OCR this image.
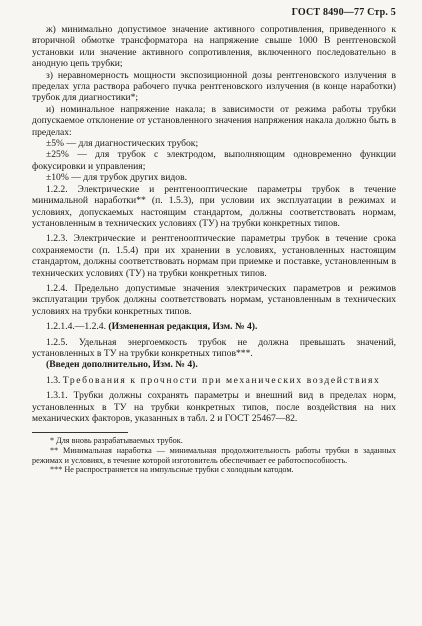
ГОСТ 8490—77 Стр. 5

ж) минимально допустимое значение активного сопротивления, приведенного к вторичной обмотке трансформатора на напряжение свыше 1000 В рентгеновской установки или значение активного сопротивления, включенного последовательно в анодную цепь трубки;

з) неравномерность мощности экспозиционной дозы рентгеновского излучения в пределах угла раствора рабочего пучка рентгеновского излучения (в конце наработки) трубок для диагностики*;

и) номинальное напряжение накала; в зависимости от режима работы трубки допускаемое отклонение от установленного значения напряжения накала должно быть в пределах:

±5% — для диагностических трубок;

±25% — для трубок с электродом, выполняющим одновременно функции фокусировки и управления;

±10% — для трубок других видов.

1.2.2. Электрические и рентгенооптические параметры трубок в течение минимальной наработки** (п. 1.5.3), при условии их эксплуатации в режимах и условиях, допускаемых настоящим стандартом, должны соответствовать нормам, установленным в технических условиях (ТУ) на трубки конкретных типов.

1.2.3. Электрические и рентгенооптические параметры трубок в течение срока сохраняемости (п. 1.5.4) при их хранении в условиях, установленных настоящим стандартом, должны соответствовать нормам при приемке и поставке, установленным в технических условиях (ТУ) на трубки конкретных типов.

1.2.4. Предельно допустимые значения электрических параметров и режимов эксплуатации трубок должны соответствовать нормам, установленным в технических условиях на трубки конкретных типов.

1.2.1.4.—1.2.4. (Измененная редакция, Изм. № 4).

1.2.5. Удельная энергоемкость трубок не должна превышать значений, установленных в ТУ на трубки конкретных типов***.

(Введен дополнительно, Изм. № 4).

1.3. Требования к прочности при механических воздействиях

1.3.1. Трубки должны сохранять параметры и внешний вид в пределах норм, установленных в ТУ на трубки конкретных типов, после воздействия на них механических факторов, указанных в табл. 2 и ГОСТ 25467—82.

* Для вновь разрабатываемых трубок.

** Минимальная наработка — минимальная продолжительность работы трубки в заданных режимах и условиях, в течение которой изготовитель обеспечивает ее работоспособность.

*** Не распространяется на импульсные трубки с холодным катодом.
